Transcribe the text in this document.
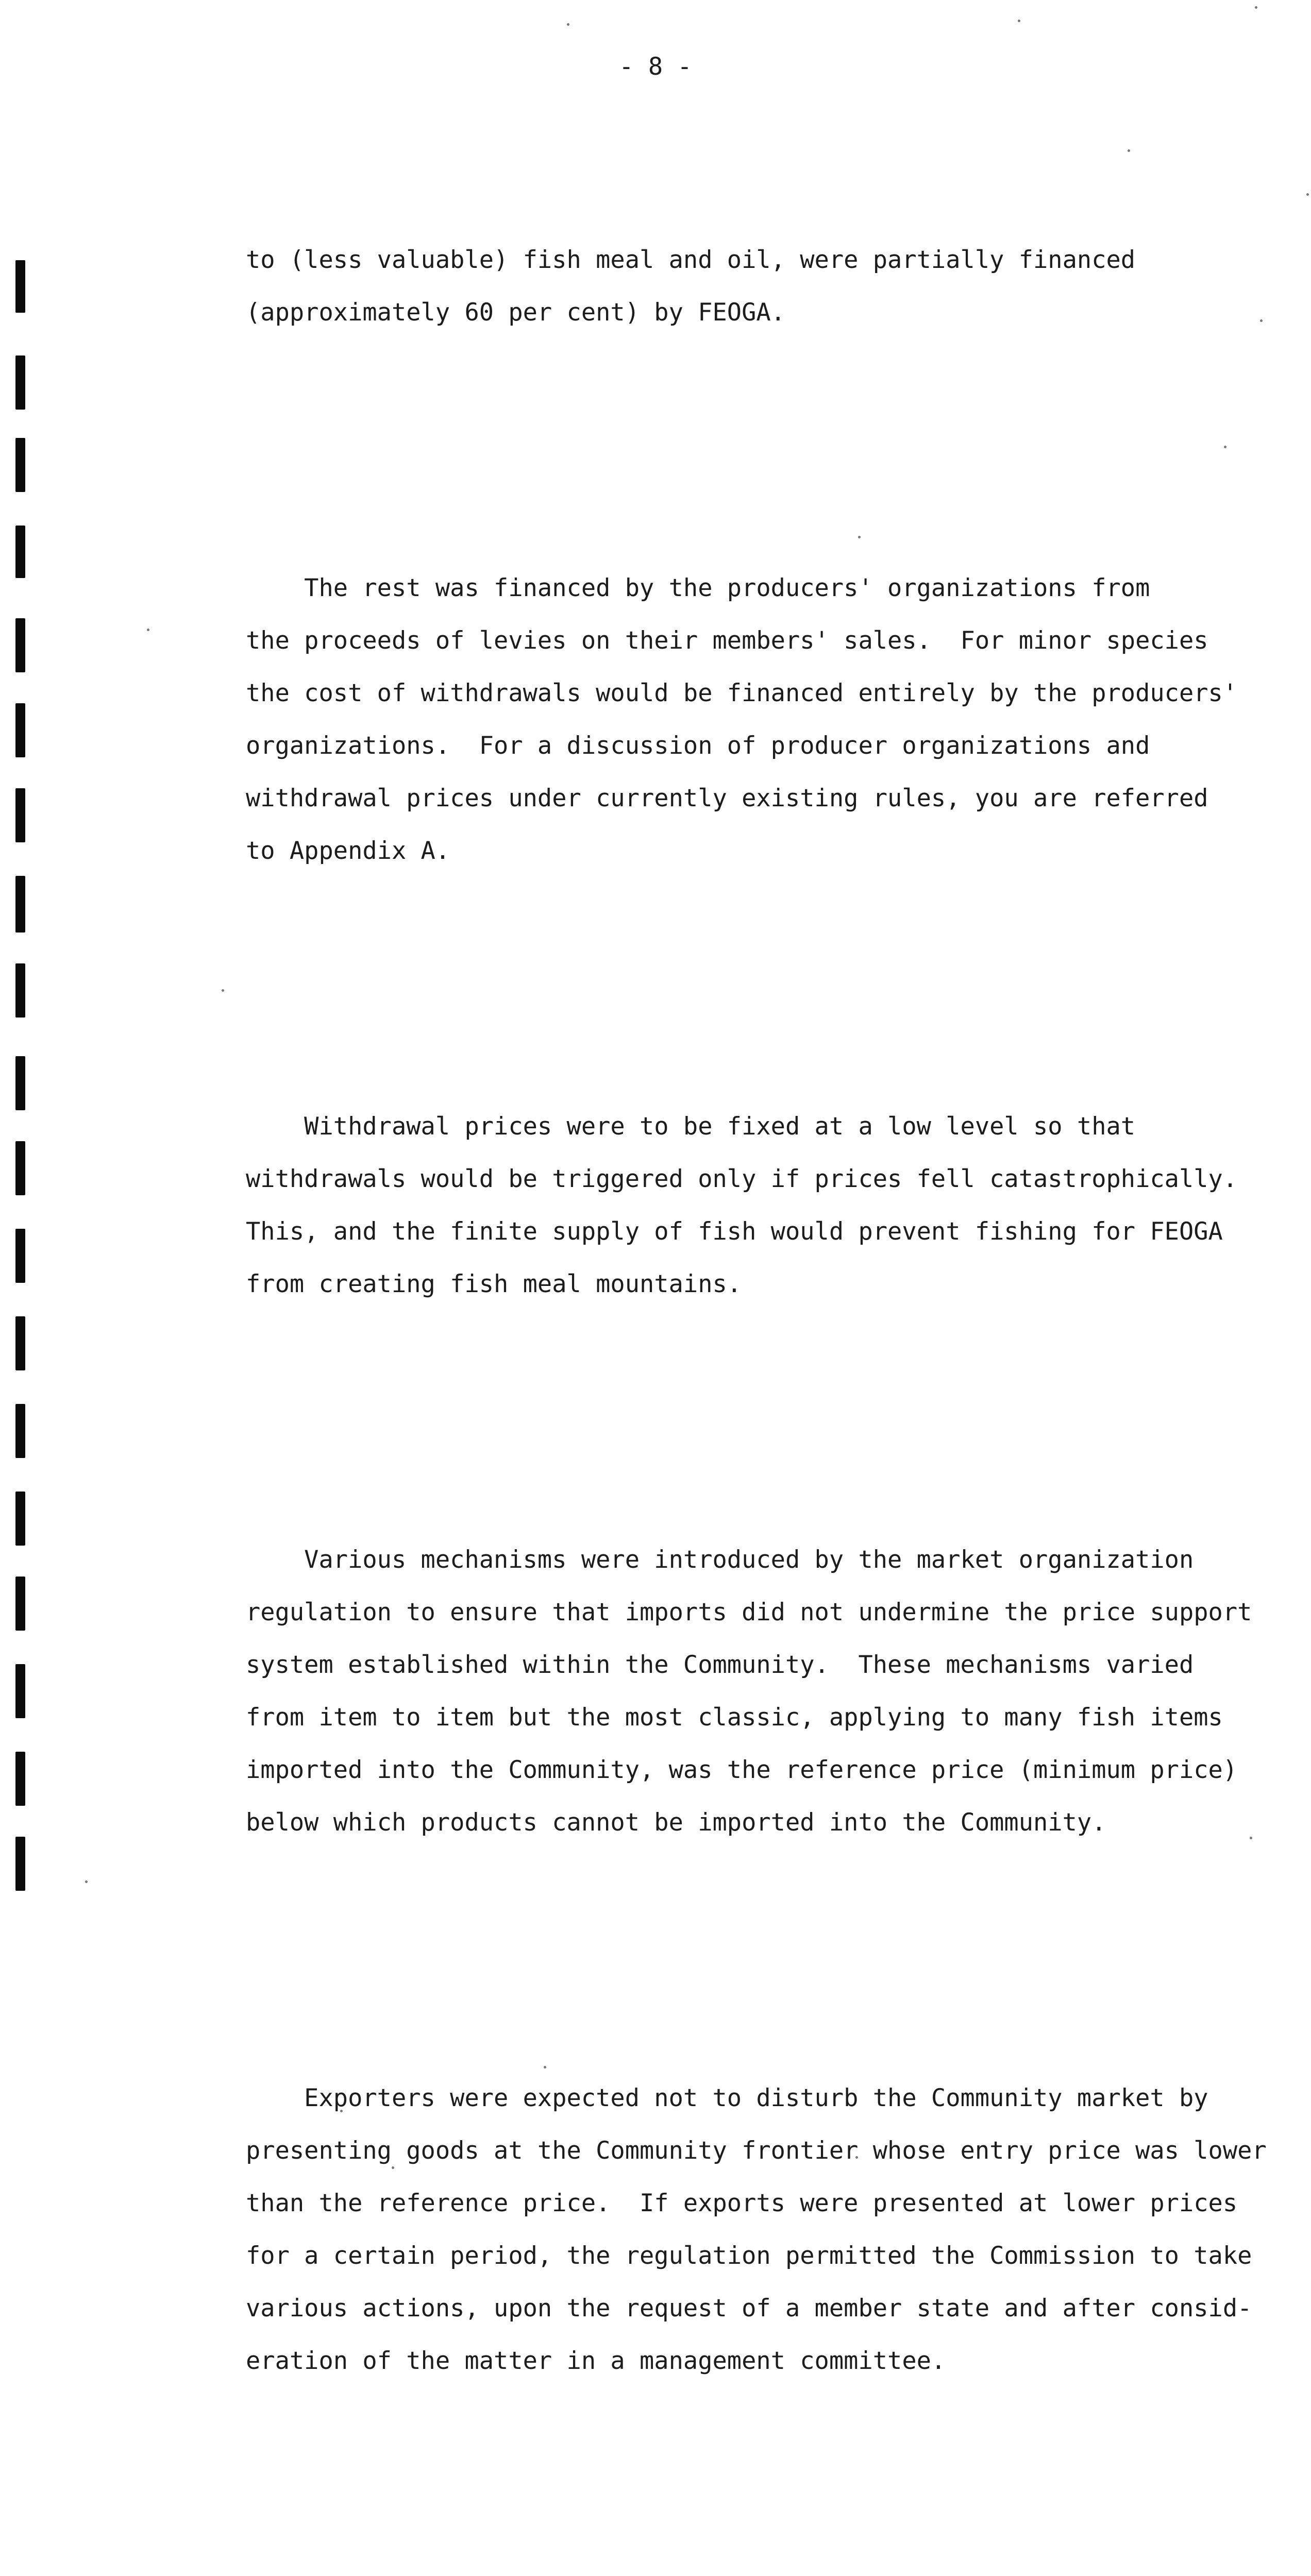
- 8 -

to (less valuable) fish meal and oil, were partially financed
(approximately 60 per cent) by FEOGA.

The rest was financed by the producers' organizations from
the proceeds of levies on their members' sales.  For minor species
the cost of withdrawals would be financed entirely by the producers'
organizations.  For a discussion of producer organizations and
withdrawal prices under currently existing rules, you are referred
to Appendix A.

Withdrawal prices were to be fixed at a low level so that
withdrawals would be triggered only if prices fell catastrophically.
This, and the finite supply of fish would prevent fishing for FEOGA
from creating fish meal mountains.

Various mechanisms were introduced by the market organization
regulation to ensure that imports did not undermine the price support
system established within the Community.  These mechanisms varied
from item to item but the most classic, applying to many fish items
imported into the Community, was the reference price (minimum price)
below which products cannot be imported into the Community.

Exporters were expected not to disturb the Community market by
presenting goods at the Community frontier whose entry price was lower
than the reference price.  If exports were presented at lower prices
for a certain period, the regulation permitted the Commission to take
various actions, upon the request of a member state and after consid-
eration of the matter in a management committee.
